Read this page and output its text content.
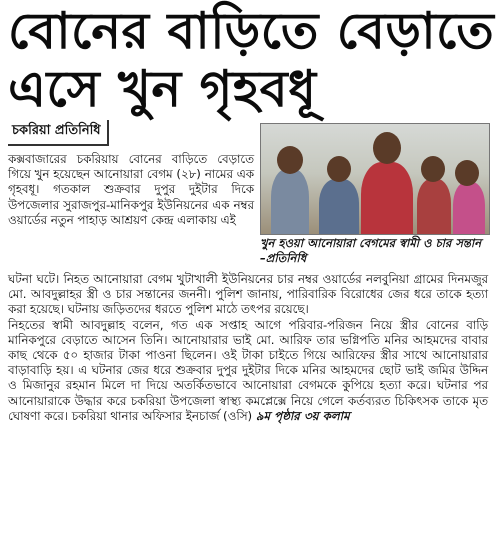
বোনের বাড়িতে বেড়াতে
এসে খুন গৃহবধূ
চকরিয়া প্রতিনিধি
খুন হওয়া আনোয়ারা বেগমের স্বামী ও চার সন্তান –প্রতিনিধি

কক্সবাজারের চকরিয়ায় বোনের বাড়িতে বেড়াতে গিয়ে খুন হয়েছেন আনোয়ারা বেগম (২৮) নামের এক গৃহবধূ। গতকাল শুক্রবার দুপুর দুইটার দিকে উপজেলার সুরাজপুর-মানিকপুর ইউনিয়নের এক নম্বর ওয়ার্ডের নতুন পাহাড় আশ্রয়ণ কেন্দ্র এলাকায় এই

ঘটনা ঘটে। নিহত আনোয়ারা বেগম খুটাখালী ইউনিয়নের চার নম্বর ওয়ার্ডের নলবুনিয়া গ্রামের দিনমজুর মো. আবদুল্লাহর স্ত্রী ও চার সন্তানের জননী। পুলিশ জানায়, পারিবারিক বিরোধের জের ধরে তাকে হত্যা করা হয়েছে। ঘটনায় জড়িতদের ধরতে পুলিশ মাঠে তৎপর রয়েছে।

নিহতের স্বামী আবদুল্লাহ বলেন, গত এক সপ্তাহ আগে পরিবার-পরিজন নিয়ে স্ত্রীর বোনের বাড়ি মানিকপুরে বেড়াতে আসেন তিনি। আনোয়ারার ভাই মো. আরিফ তার ভগ্নিপতি মনির আহমদের বাবার কাছ থেকে ৫০ হাজার টাকা পাওনা ছিলেন। ওই টাকা চাইতে গিয়ে আরিফের স্ত্রীর সাথে আনোয়ারার বাড়াবাড়ি হয়। এ ঘটনার জের ধরে শুক্রবার দুপুর দুইটার দিকে মনির আহমদের ছোট ভাই জমির উদ্দিন ও মিজানুর রহমান মিলে দা দিয়ে অতর্কিতভাবে আনোয়ারা বেগমকে কুপিয়ে হত্যা করে। ঘটনার পর আনোয়ারাকে উদ্ধার করে চকরিয়া উপজেলা স্বাস্থ্য কমপ্লেক্সে নিয়ে গেলে কর্তব্যরত চিকিৎসক তাকে মৃত ঘোষণা করে। চকরিয়া থানার অফিসার ইনচার্জ (ওসি) ৯ম পৃষ্ঠার ৩য় কলাম
